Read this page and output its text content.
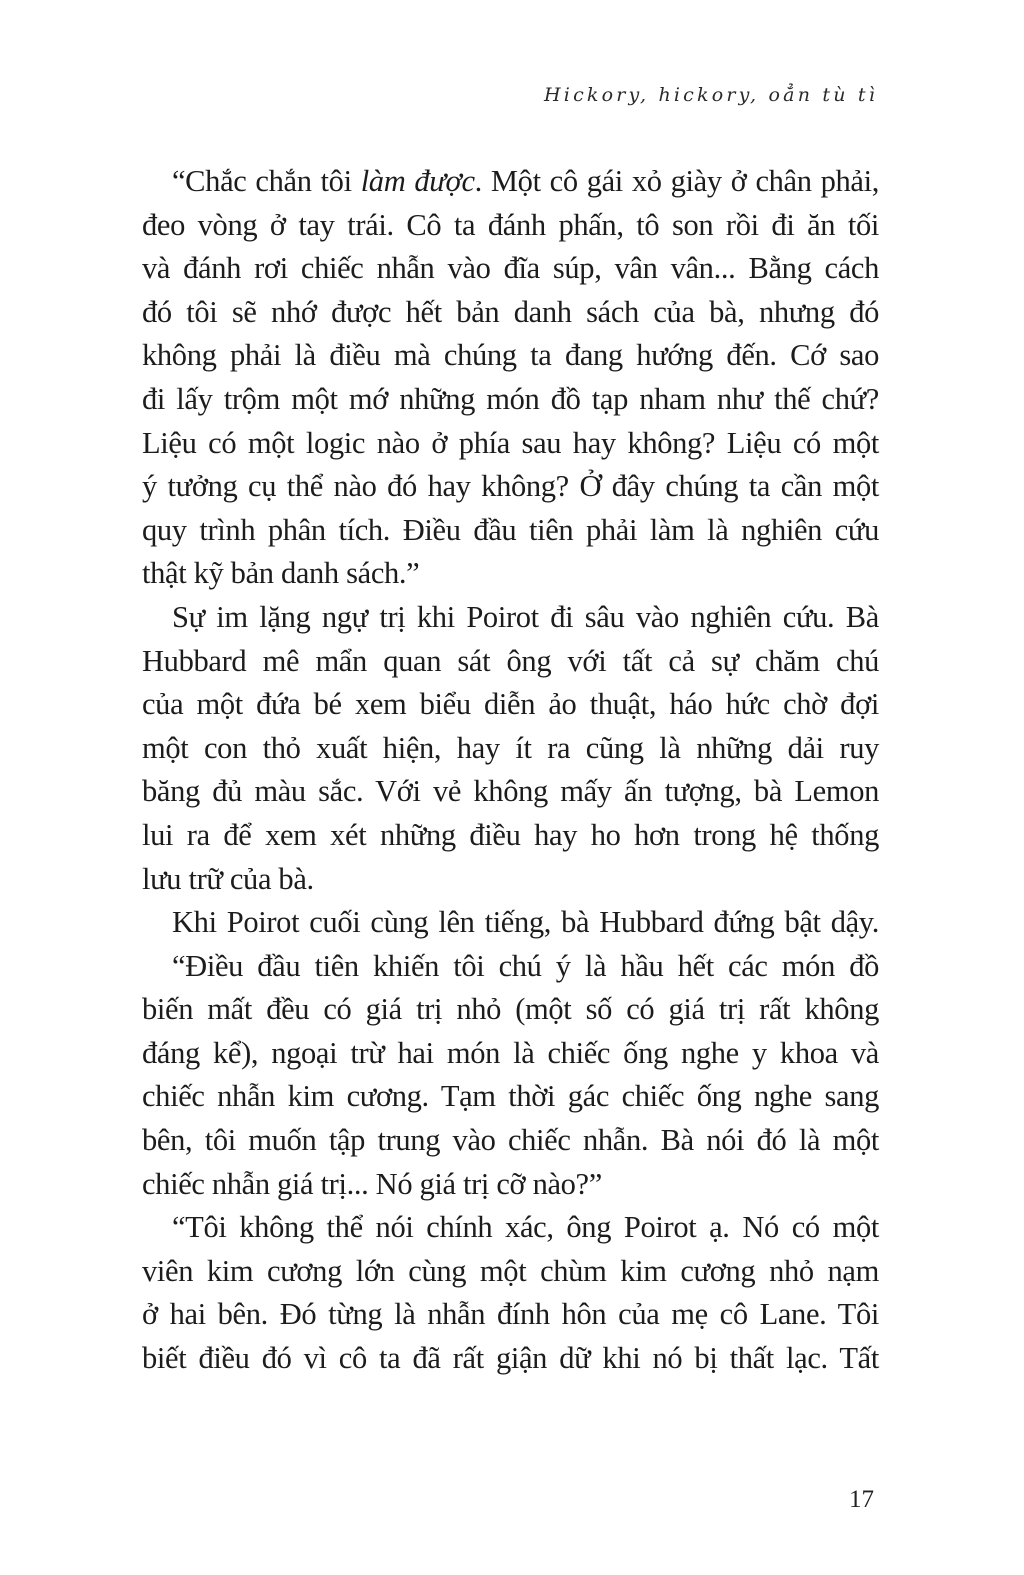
Hickory, hickory, oẳn tù tì
“Chắc chắn tôi làm được. Một cô gái xỏ giày ở chân phải,
đeo vòng ở tay trái. Cô ta đánh phấn, tô son rồi đi ăn tối
và đánh rơi chiếc nhẫn vào đĩa súp, vân vân... Bằng cách
đó tôi sẽ nhớ được hết bản danh sách của bà, nhưng đó
không phải là điều mà chúng ta đang hướng đến. Cớ sao
đi lấy trộm một mớ những món đồ tạp nham như thế chứ?
Liệu có một logic nào ở phía sau hay không? Liệu có một
ý tưởng cụ thể nào đó hay không? Ở đây chúng ta cần một
quy trình phân tích. Điều đầu tiên phải làm là nghiên cứu
thật kỹ bản danh sách.”
Sự im lặng ngự trị khi Poirot đi sâu vào nghiên cứu. Bà
Hubbard mê mẩn quan sát ông với tất cả sự chăm chú
của một đứa bé xem biểu diễn ảo thuật, háo hức chờ đợi
một con thỏ xuất hiện, hay ít ra cũng là những dải ruy
băng đủ màu sắc. Với vẻ không mấy ấn tượng, bà Lemon
lui ra để xem xét những điều hay ho hơn trong hệ thống
lưu trữ của bà.
Khi Poirot cuối cùng lên tiếng, bà Hubbard đứng bật dậy.
“Điều đầu tiên khiến tôi chú ý là hầu hết các món đồ
biến mất đều có giá trị nhỏ (một số có giá trị rất không
đáng kể), ngoại trừ hai món là chiếc ống nghe y khoa và
chiếc nhẫn kim cương. Tạm thời gác chiếc ống nghe sang
bên, tôi muốn tập trung vào chiếc nhẫn. Bà nói đó là một
chiếc nhẫn giá trị... Nó giá trị cỡ nào?”
“Tôi không thể nói chính xác, ông Poirot ạ. Nó có một
viên kim cương lớn cùng một chùm kim cương nhỏ nạm
ở hai bên. Đó từng là nhẫn đính hôn của mẹ cô Lane. Tôi
biết điều đó vì cô ta đã rất giận dữ khi nó bị thất lạc. Tất
17
